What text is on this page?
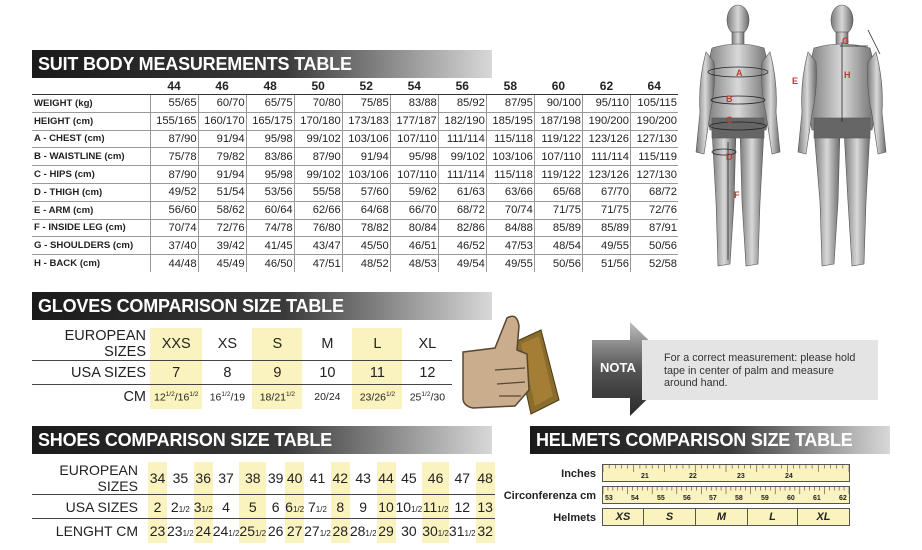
SUIT BODY MEASUREMENTS TABLE
	44	46	48	50	52	54	56	58	60	62	64
WEIGHT (kg)	55/65	60/70	65/75	70/80	75/85	83/88	85/92	87/95	90/100	95/110	105/115
HEIGHT (cm)	155/165	160/170	165/175	170/180	173/183	177/187	182/190	185/195	187/198	190/200	190/200
A - CHEST (cm)	87/90	91/94	95/98	99/102	103/106	107/110	111/114	115/118	119/122	123/126	127/130
B - WAISTLINE (cm)	75/78	79/82	83/86	87/90	91/94	95/98	99/102	103/106	107/110	111/114	115/119
C - HIPS (cm)	87/90	91/94	95/98	99/102	103/106	107/110	111/114	115/118	119/122	123/126	127/130
D - THIGH (cm)	49/52	51/54	53/56	55/58	57/60	59/62	61/63	63/66	65/68	67/70	68/72
E - ARM (cm)	56/60	58/62	60/64	62/66	64/68	66/70	68/72	70/74	71/75	71/75	72/76
F - INSIDE LEG (cm)	70/74	72/76	74/78	76/80	78/82	80/84	82/86	84/88	85/89	85/89	87/91
G - SHOULDERS (cm)	37/40	39/42	41/45	43/47	45/50	46/51	46/52	47/53	48/54	49/55	50/56
H - BACK (cm)	44/48	45/49	46/50	47/51	48/52	48/53	49/54	49/55	50/56	51/56	52/58
A
B
C
D
E
F
G
H
GLOVES COMPARISON SIZE TABLE
EUROPEAN SIZES	XXS	XS	S	M	L	XL
USA SIZES	7	8	9	10	11	12
CM	$12^{1/2}/16^{1/2}$	$16^{1/2}/19$	$18/21^{1/2}$	20/24	$23/26^{1/2}$	$25^{1/2}/30$
NOTA
For a correct measurement: please hold tape in center of palm and measure around hand.
SHOES COMPARISON SIZE TABLE
EUROPEAN SIZES	34	35	36	37	38	39	40	41	42	43	44	45	46	47	48
USA SIZES	2	21/2	31/2	4	5	6	61/2	71/2	8	9	10	101/2	111/2	12	13
LENGHT CM	23	231/2	24	241/2	251/2	26	27	271/2	28	281/2	29	30	301/2	311/2	32
HELMETS COMPARISON SIZE TABLE
Inches
Circonferenza cm
Helmets
21	22	23	24
53	54	55	56	57	58	59	60	61	62
XS	S	M	L	XL
